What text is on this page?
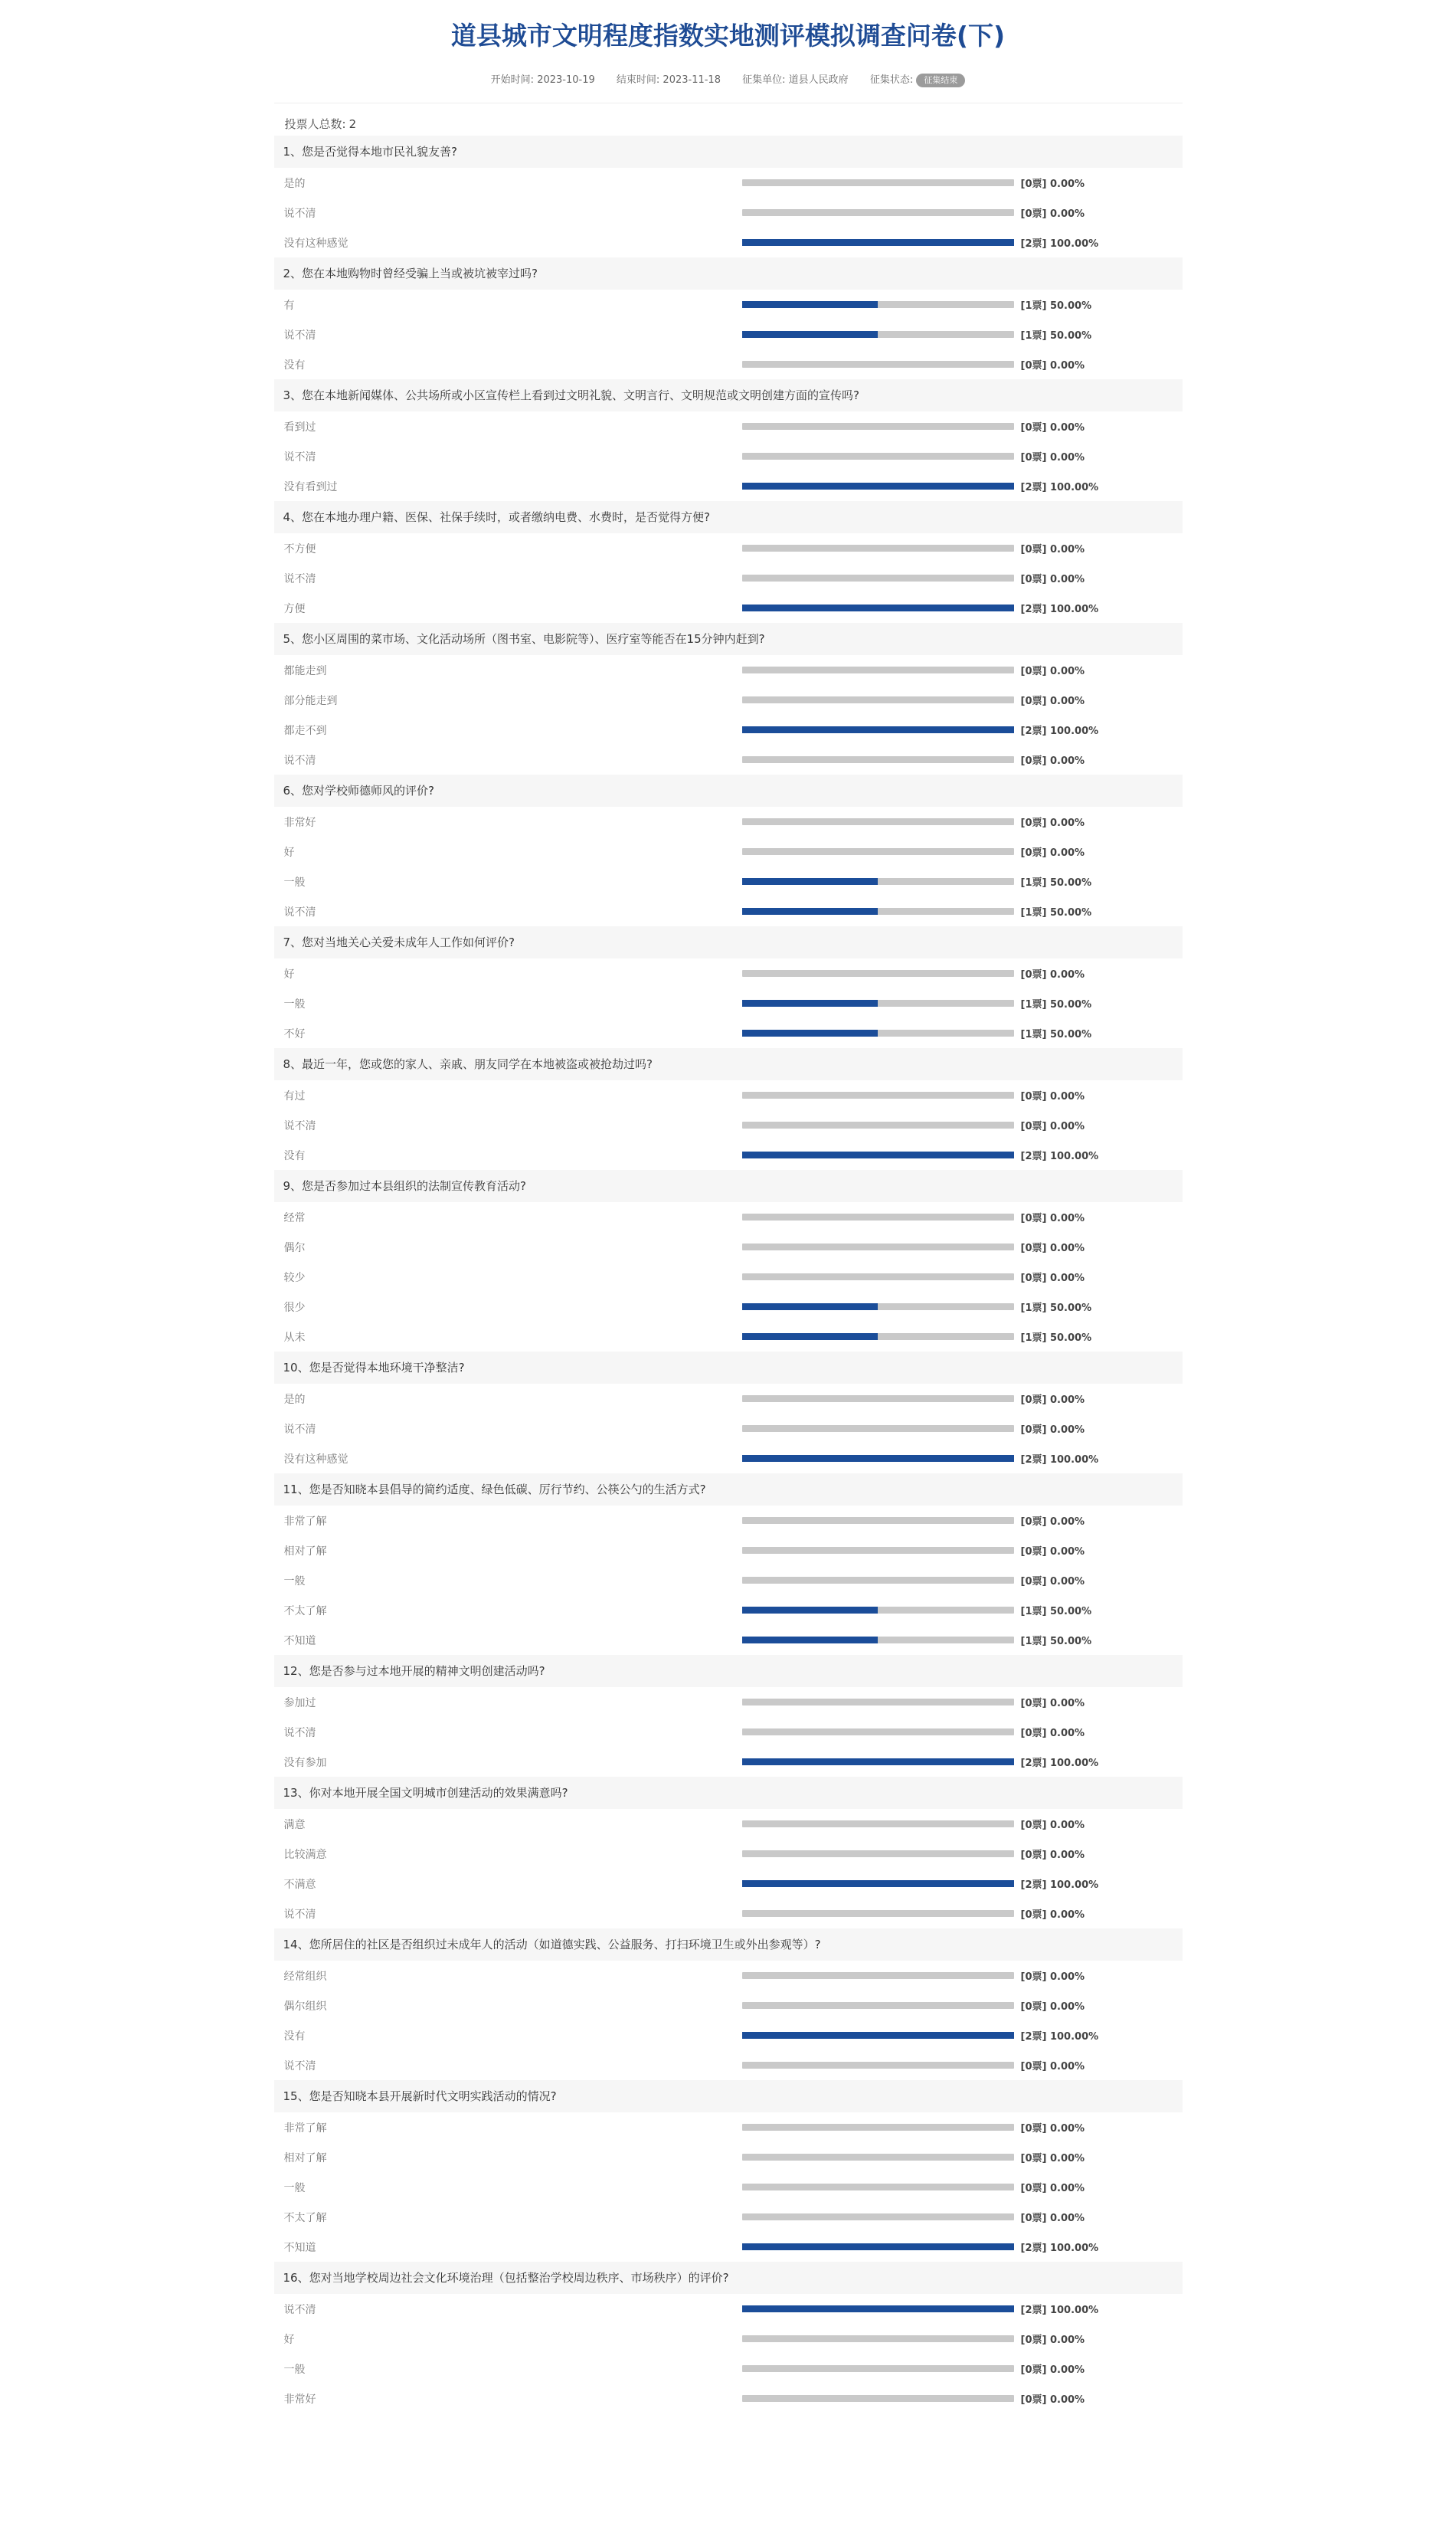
道县城市文明程度指数实地测评模拟调查问卷(下)
开始时间: 2023-10-19 结束时间: 2023-11-18 征集单位: 道县人民政府 征集状态: 征集结束
投票人总数: 2
1、您是否觉得本地市民礼貌友善?
是的	[0票] 0.00%
说不清	[0票] 0.00%
没有这种感觉	[2票] 100.00%
2、您在本地购物时曾经受骗上当或被坑被宰过吗?
有	[1票] 50.00%
说不清	[1票] 50.00%
没有	[0票] 0.00%
3、您在本地新闻媒体、公共场所或小区宣传栏上看到过文明礼貌、文明言行、文明规范或文明创建方面的宣传吗?
看到过	[0票] 0.00%
说不清	[0票] 0.00%
没有看到过	[2票] 100.00%
4、您在本地办理户籍、医保、社保手续时，或者缴纳电费、水费时，是否觉得方便?
不方便	[0票] 0.00%
说不清	[0票] 0.00%
方便	[2票] 100.00%
5、您小区周围的菜市场、文化活动场所（图书室、电影院等）、医疗室等能否在15分钟内赶到?
都能走到	[0票] 0.00%
部分能走到	[0票] 0.00%
都走不到	[2票] 100.00%
说不清	[0票] 0.00%
6、您对学校师德师风的评价?
非常好	[0票] 0.00%
好	[0票] 0.00%
一般	[1票] 50.00%
说不清	[1票] 50.00%
7、您对当地关心关爱未成年人工作如何评价?
好	[0票] 0.00%
一般	[1票] 50.00%
不好	[1票] 50.00%
8、最近一年，您或您的家人、亲戚、朋友同学在本地被盗或被抢劫过吗?
有过	[0票] 0.00%
说不清	[0票] 0.00%
没有	[2票] 100.00%
9、您是否参加过本县组织的法制宣传教育活动?
经常	[0票] 0.00%
偶尔	[0票] 0.00%
较少	[0票] 0.00%
很少	[1票] 50.00%
从未	[1票] 50.00%
10、您是否觉得本地环境干净整洁?
是的	[0票] 0.00%
说不清	[0票] 0.00%
没有这种感觉	[2票] 100.00%
11、您是否知晓本县倡导的简约适度、绿色低碳、厉行节约、公筷公勺的生活方式?
非常了解	[0票] 0.00%
相对了解	[0票] 0.00%
一般	[0票] 0.00%
不太了解	[1票] 50.00%
不知道	[1票] 50.00%
12、您是否参与过本地开展的精神文明创建活动吗?
参加过	[0票] 0.00%
说不清	[0票] 0.00%
没有参加	[2票] 100.00%
13、你对本地开展全国文明城市创建活动的效果满意吗?
满意	[0票] 0.00%
比较满意	[0票] 0.00%
不满意	[2票] 100.00%
说不清	[0票] 0.00%
14、您所居住的社区是否组织过未成年人的活动（如道德实践、公益服务、打扫环境卫生或外出参观等）?
经常组织	[0票] 0.00%
偶尔组织	[0票] 0.00%
没有	[2票] 100.00%
说不清	[0票] 0.00%
15、您是否知晓本县开展新时代文明实践活动的情况?
非常了解	[0票] 0.00%
相对了解	[0票] 0.00%
一般	[0票] 0.00%
不太了解	[0票] 0.00%
不知道	[2票] 100.00%
16、您对当地学校周边社会文化环境治理（包括整治学校周边秩序、市场秩序）的评价?
说不清	[2票] 100.00%
好	[0票] 0.00%
一般	[0票] 0.00%
非常好	[0票] 0.00%
